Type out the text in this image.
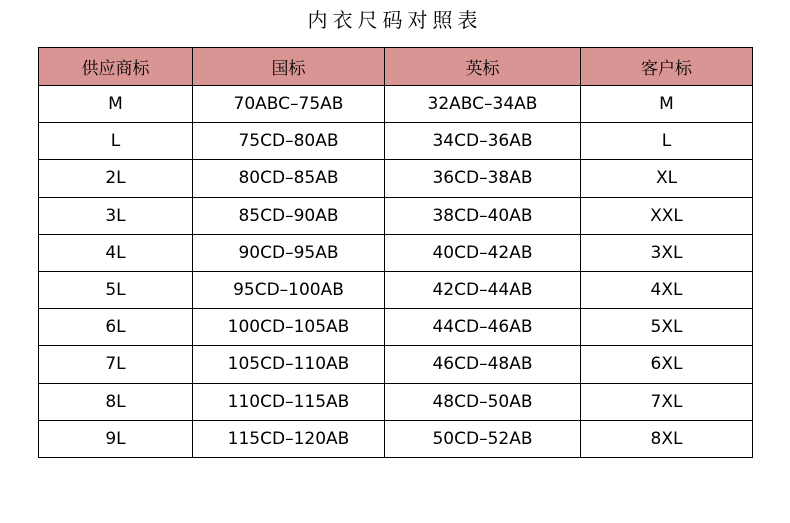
内衣尺码对照表
供应商标	国标	英标	客户标
M	70ABC–75AB	32ABC–34AB	M
L	75CD–80AB	34CD–36AB	L
2L	80CD–85AB	36CD–38AB	XL
3L	85CD–90AB	38CD–40AB	XXL
4L	90CD–95AB	40CD–42AB	3XL
5L	95CD–100AB	42CD–44AB	4XL
6L	100CD–105AB	44CD–46AB	5XL
7L	105CD–110AB	46CD–48AB	6XL
8L	110CD–115AB	48CD–50AB	7XL
9L	115CD–120AB	50CD–52AB	8XL
